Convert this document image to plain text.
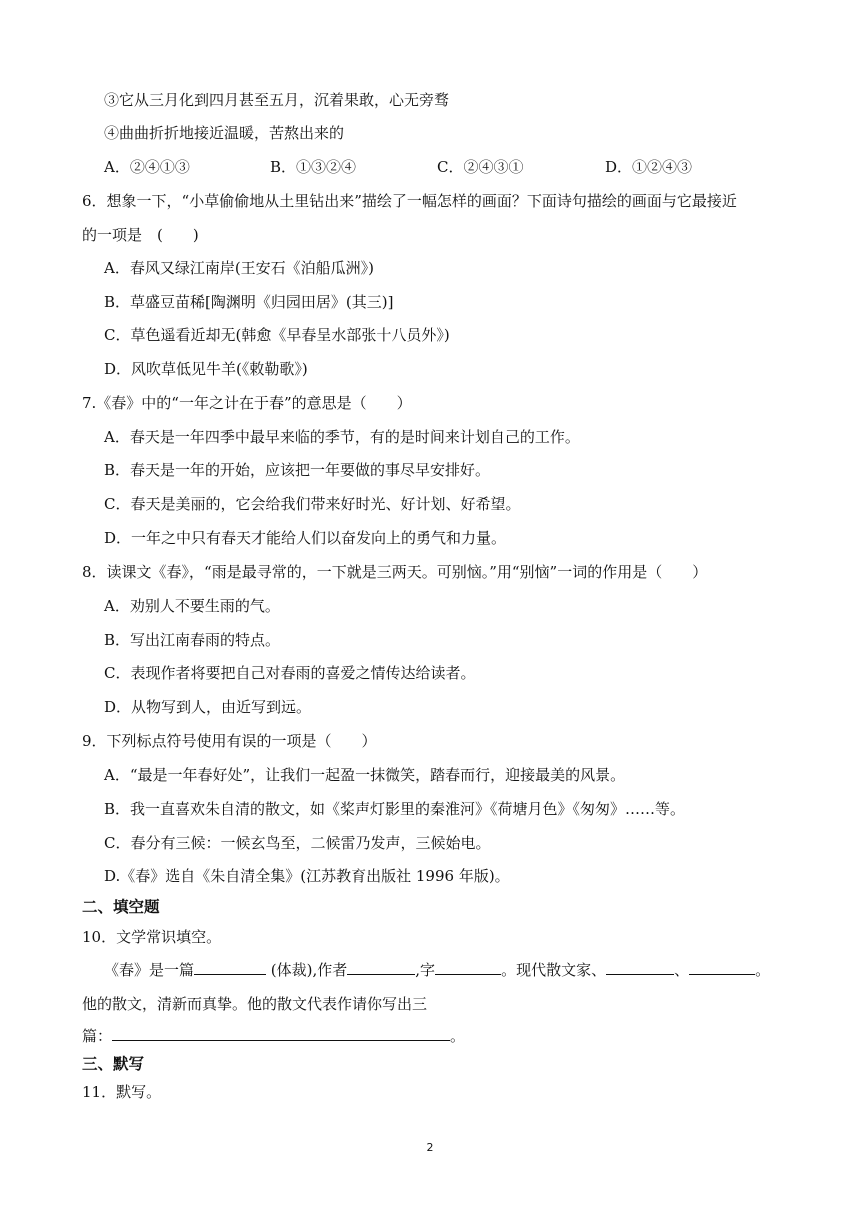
③它从三月化到四月甚至五月，沉着果敢，心无旁骛
④曲曲折折地接近温暖，苦熬出来的
A．②④①③	B．①③②④	C．②④③①	D．①②④③
6．想象一下，“小草偷偷地从土里钻出来”描绘了一幅怎样的画面？下面诗句描绘的画面与它最接近
的一项是　(　　)
A．春风又绿江南岸(王安石《泊船瓜洲》)
B．草盛豆苗稀[陶渊明《归园田居》(其三)]
C．草色遥看近却无(韩愈《早春呈水部张十八员外》)
D．风吹草低见牛羊(《敕勒歌》)
7.《春》中的“一年之计在于春”的意思是（　　）
A．春天是一年四季中最早来临的季节，有的是时间来计划自己的工作。
B．春天是一年的开始，应该把一年要做的事尽早安排好。
C．春天是美丽的，它会给我们带来好时光、好计划、好希望。
D．一年之中只有春天才能给人们以奋发向上的勇气和力量。
8．读课文《春》，“雨是最寻常的，一下就是三两天。可别恼。”用“别恼”一词的作用是（　　）
A．劝别人不要生雨的气。
B．写出江南春雨的特点。
C．表现作者将要把自己对春雨的喜爱之情传达给读者。
D．从物写到人，由近写到远。
9．下列标点符号使用有误的一项是（　　）
A．“最是一年春好处”，让我们一起盈一抹微笑，踏春而行，迎接最美的风景。
B．我一直喜欢朱自清的散文，如《桨声灯影里的秦淮河》《荷塘月色》《匆匆》……等。
C．春分有三候：一候玄鸟至，二候雷乃发声，三候始电。
D.《春》选自《朱自清全集》(江苏教育出版社 1996 年版)。
二、填空题
10．文学常识填空。
《春》是一篇	(体裁),作者	,字	。现代散文家、	、	。
他的散文，清新而真挚。他的散文代表作请你写出三
篇：	。
三、默写
11．默写。
2
